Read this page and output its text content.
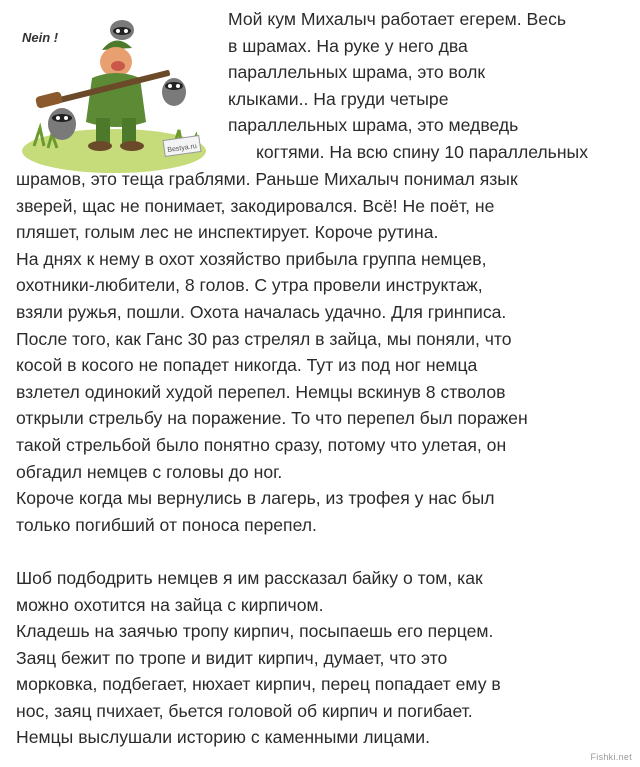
Nein !
Bestya.ru

Мой кум Михалыч работает егерем. Весь

в шрамах. На руке у него два

параллельных шрама, это волк

клыками.. На груди четыре

параллельных шрама, это медведь

когтями. На всю спину 10 параллельных

шрамов, это теща граблями. Раньше Михалыч понимал язык

зверей, щас не понимает, закодировался. Всё! Не поёт, не

пляшет, голым лес не инспектирует. Короче рутина.

На днях к нему в охот хозяйство прибыла группа немцев,

охотники-любители, 8 голов. С утра провели инструктаж,

взяли ружья, пошли. Охота началась удачно. Для гринписа.

После того, как Ганс 30 раз стрелял в зайца, мы поняли, что

косой в косого не попадет никогда. Тут из под ног немца

взлетел одинокий худой перепел. Немцы вскинув 8 стволов

открыли стрельбу на поражение. То что перепел был поражен

такой стрельбой было понятно сразу, потому что улетая, он

обгадил немцев с головы до ног.

Короче когда мы вернулись в лагерь, из трофея у нас был

только погибший от поноса перепел.

Шоб подбодрить немцев я им рассказал байку о том, как

можно охотится на зайца с кирпичом.

Кладешь на заячью тропу кирпич, посыпаешь его перцем.

Заяц бежит по тропе и видит кирпич, думает, что это

морковка, подбегает, нюхает кирпич, перец попадает ему в

нос, заяц пчихает, бьется головой об кирпич и погибает.

Немцы выслушали историю с каменными лицами.

Fishki.net
